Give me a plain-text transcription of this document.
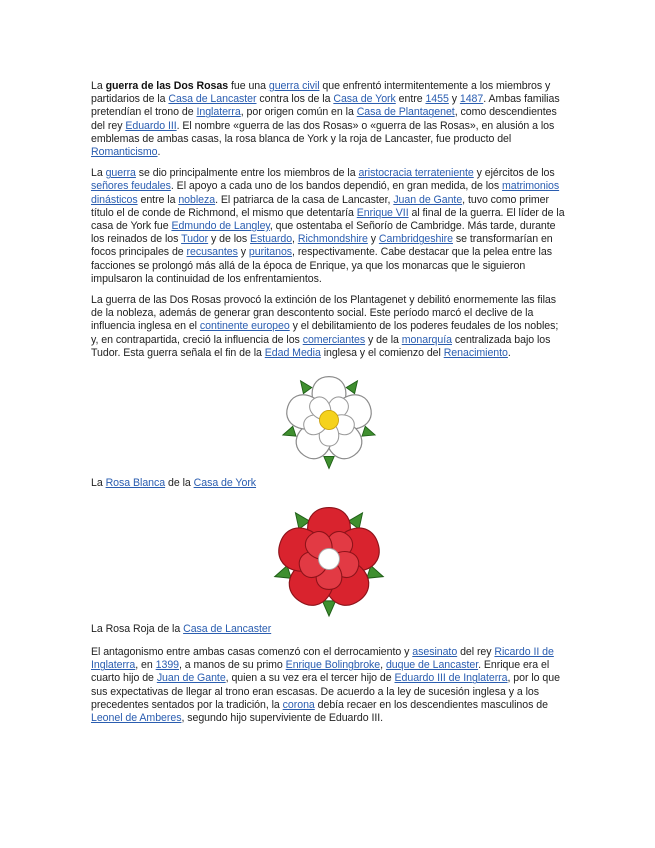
La guerra de las Dos Rosas fue una guerra civil que enfrentó intermitentemente a los miembros y partidarios de la Casa de Lancaster contra los de la Casa de York entre 1455 y 1487. Ambas familias pretendían el trono de Inglaterra, por origen común en la Casa de Plantagenet, como descendientes del rey Eduardo III. El nombre «guerra de las dos Rosas» o «guerra de las Rosas», en alusión a los emblemas de ambas casas, la rosa blanca de York y la roja de Lancaster, fue producto del Romanticismo.

La guerra se dio principalmente entre los miembros de la aristocracia terrateniente y ejércitos de los señores feudales. El apoyo a cada uno de los bandos dependió, en gran medida, de los matrimonios dinásticos entre la nobleza. El patriarca de la casa de Lancaster, Juan de Gante, tuvo como primer título el de conde de Richmond, el mismo que detentaría Enrique VII al final de la guerra. El líder de la casa de York fue Edmundo de Langley, que ostentaba el Señorío de Cambridge. Más tarde, durante los reinados de los Tudor y de los Estuardo, Richmondshire y Cambridgeshire se transformarían en focos principales de recusantes y puritanos, respectivamente. Cabe destacar que la pelea entre las facciones se prolongó más allá de la época de Enrique, ya que los monarcas que le siguieron impulsaron la continuidad de los enfrentamientos.

La guerra de las Dos Rosas provocó la extinción de los Plantagenet y debilitó enormemente las filas de la nobleza, además de generar gran descontento social. Este período marcó el declive de la influencia inglesa en el continente europeo y el debilitamiento de los poderes feudales de los nobles; y, en contrapartida, creció la influencia de los comerciantes y de la monarquía centralizada bajo los Tudor. Esta guerra señala el fin de la Edad Media inglesa y el comienzo del Renacimiento.

La Rosa Blanca de la Casa de York

La Rosa Roja de la Casa de Lancaster

El antagonismo entre ambas casas comenzó con el derrocamiento y asesinato del rey Ricardo II de Inglaterra, en 1399, a manos de su primo Enrique Bolingbroke, duque de Lancaster. Enrique era el cuarto hijo de Juan de Gante, quien a su vez era el tercer hijo de Eduardo III de Inglaterra, por lo que sus expectativas de llegar al trono eran escasas. De acuerdo a la ley de sucesión inglesa y a los precedentes sentados por la tradición, la corona debía recaer en los descendientes masculinos de Leonel de Amberes, segundo hijo superviviente de Eduardo III.
